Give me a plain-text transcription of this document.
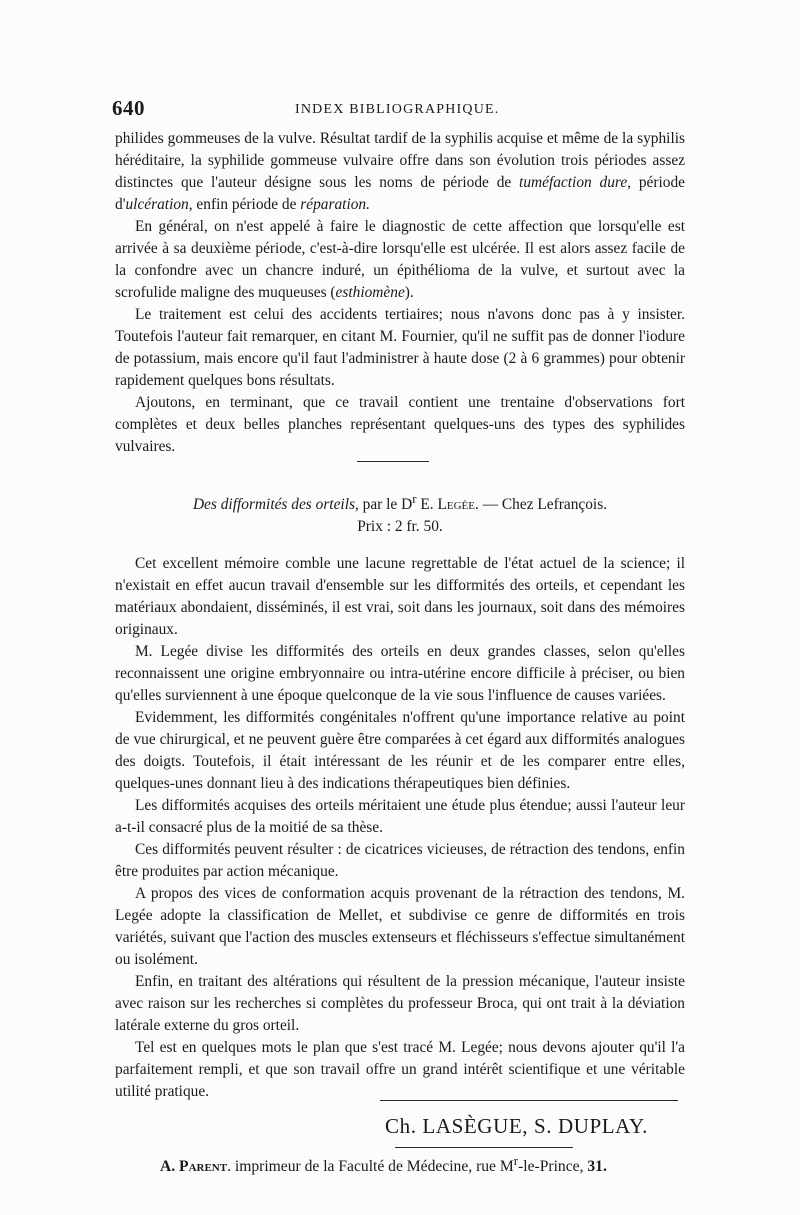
640	INDEX BIBLIOGRAPHIQUE.

philides gommeuses de la vulve. Résultat tardif de la syphilis acquise et même de la syphilis héréditaire, la syphilide gommeuse vulvaire offre dans son évolution trois périodes assez distinctes que l'auteur désigne sous les noms de période de tuméfaction dure, période d'ulcération, enfin période de réparation.

En général, on n'est appelé à faire le diagnostic de cette affection que lorsqu'elle est arrivée à sa deuxième période, c'est-à-dire lorsqu'elle est ulcérée. Il est alors assez facile de la confondre avec un chancre induré, un épithélioma de la vulve, et surtout avec la scrofulide maligne des muqueuses (esthiomène).

Le traitement est celui des accidents tertiaires; nous n'avons donc pas à y insister. Toutefois l'auteur fait remarquer, en citant M. Fournier, qu'il ne suffit pas de donner l'iodure de potassium, mais encore qu'il faut l'administrer à haute dose (2 à 6 grammes) pour obtenir rapidement quelques bons résultats.

Ajoutons, en terminant, que ce travail contient une trentaine d'observations fort complètes et deux belles planches représentant quelques-uns des types des syphilides vulvaires.

Des difformités des orteils, par le $D^r$ E. Legée. — Chez Lefrançois.
Prix : 2 fr. 50.

Cet excellent mémoire comble une lacune regrettable de l'état actuel de la science; il n'existait en effet aucun travail d'ensemble sur les difformités des orteils, et cependant les matériaux abondaient, disséminés, il est vrai, soit dans les journaux, soit dans des mémoires originaux.

M. Legée divise les difformités des orteils en deux grandes classes, selon qu'elles reconnaissent une origine embryonnaire ou intra-utérine encore difficile à préciser, ou bien qu'elles surviennent à une époque quelconque de la vie sous l'influence de causes variées.

Evidemment, les difformités congénitales n'offrent qu'une importance relative au point de vue chirurgical, et ne peuvent guère être comparées à cet égard aux difformités analogues des doigts. Toutefois, il était intéressant de les réunir et de les comparer entre elles, quelques-unes donnant lieu à des indications thérapeutiques bien définies.

Les difformités acquises des orteils méritaient une étude plus étendue; aussi l'auteur leur a-t-il consacré plus de la moitié de sa thèse.

Ces difformités peuvent résulter : de cicatrices vicieuses, de rétraction des tendons, enfin être produites par action mécanique.

A propos des vices de conformation acquis provenant de la rétraction des tendons, M. Legée adopte la classification de Mellet, et subdivise ce genre de difformités en trois variétés, suivant que l'action des muscles extenseurs et fléchisseurs s'effectue simultanément ou isolément.

Enfin, en traitant des altérations qui résultent de la pression mécanique, l'auteur insiste avec raison sur les recherches si complètes du professeur Broca, qui ont trait à la déviation latérale externe du gros orteil.

Tel est en quelques mots le plan que s'est tracé M. Legée; nous devons ajouter qu'il l'a parfaitement rempli, et que son travail offre un grand intérêt scientifique et une véritable utilité pratique.

Ch. LASÈGUE, S. DUPLAY.
A. Parent. imprimeur de la Faculté de Médecine, rue $M^r-le$-Prince, 31.
